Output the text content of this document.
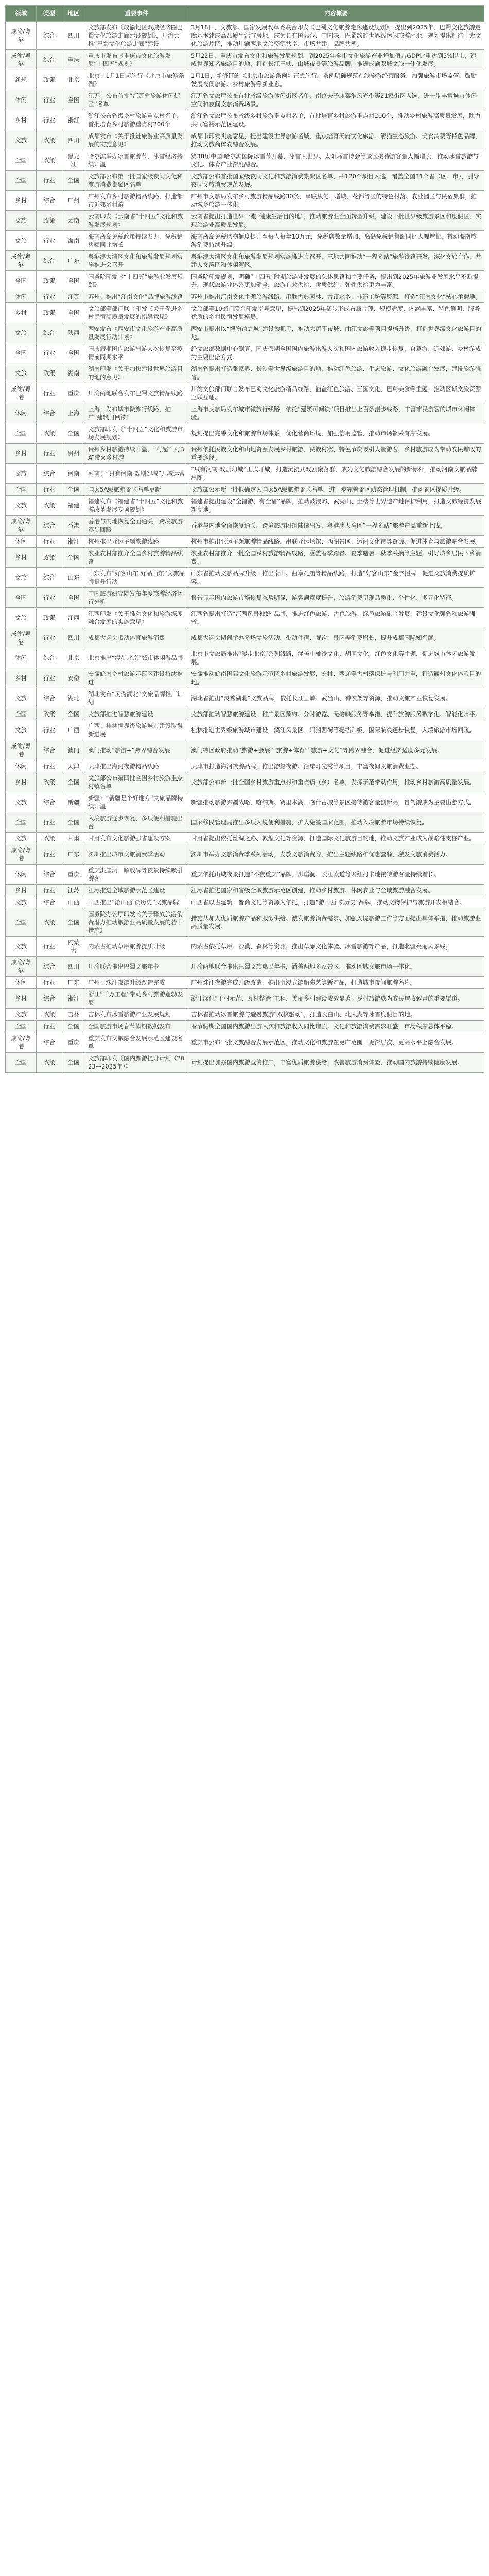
领域	类型	地区	重要事件	内容概要
成渝/粤港	综合	四川	文旅部发布《成渝地区双城经济圈巴蜀文化旅游走廊建设规划》，川渝共推“巴蜀文化旅游走廊”建设	3月18日，文旅部、国家发展改革委联合印发《巴蜀文化旅游走廊建设规划》，提出到2025年，巴蜀文化旅游走廊基本建成高品质生活宜居地，成为具有国际范、中国味、巴蜀韵的世界级休闲旅游胜地。规划提出打造十大文化旅游片区，推动川渝两地文旅资源共享、市场共建、品牌共塑。
成渝/粤港	综合	重庆	重庆市发布《重庆市文化旅游发展“十四五”规划》	5月22日，重庆市发布文化和旅游发展规划，到2025年全市文化旅游产业增加值占GDP比重达到5%以上，建成世界知名旅游目的地，打造长江三峡、山城夜景等旅游品牌，推进成渝双城文旅一体化发展。
新规	政策	北京	北京：1月1日起施行《北京市旅游条例》	1月1日，新修订的《北京市旅游条例》正式施行，条例明确规范在线旅游经营服务、加强旅游市场监管，鼓励发展夜间旅游、乡村旅游等新业态。
休闲	行业	全国	江苏：公布首批“江苏省旅游休闲街区”名单	江苏省文旅厅公布首批省级旅游休闲街区名单，南京夫子庙秦淮风光带等21家街区入选，进一步丰富城市休闲空间和夜间文旅消费场景。
乡村	行业	浙江	浙江公布省级乡村旅游重点村名单，首批培育乡村旅游重点村200个	浙江省文旅厅公布省级乡村旅游重点村名单，首批培育乡村旅游重点村200个，推动乡村旅游高质量发展，助力共同富裕示范区建设。
文旅	政策	四川	成都发布《关于推进旅游业高质量发展的实施意见》	成都市印发实施意见，提出建设世界旅游名城，重点培育天府文化旅游、熊猫生态旅游、美食消费等特色品牌，推动文旅商体农融合发展。
全国	政策	黑龙江	哈尔滨举办冰雪旅游节，冰雪经济持续升温	第38届中国·哈尔滨国际冰雪节开幕，冰雪大世界、太阳岛雪博会等景区接待游客量大幅增长，推动冰雪旅游与文化、体育产业深度融合。
全国	行业	全国	文旅部公布第一批国家级夜间文化和旅游消费集聚区名单	文旅部公布首批国家级夜间文化和旅游消费集聚区名单，共120个项目入选，覆盖全国31个省（区、市），引导夜间文旅消费规范发展。
乡村	综合	广州	广州发布乡村旅游精品线路，打造都市近郊乡村游	广州市文旅局发布乡村旅游精品线路30条，串联从化、增城、花都等区的特色村落、农业园区与民宿集群，推动城乡旅游一体化。
文旅	政策	云南	云南印发《云南省“十四五”文化和旅游发展规划》	云南省提出打造世界一流“健康生活目的地”，推动旅游业全面转型升级，建设一批世界级旅游景区和度假区，实现旅游业高质量发展。
文旅	行业	海南	海南离岛免税政策持续发力，免税销售额同比增长	海南离岛免税购物额度提升至每人每年10万元，免税店数量增加，离岛免税销售额同比大幅增长，带动海南旅游消费持续升温。
成渝/粤港	综合	广东	粤港澳大湾区文化和旅游发展规划实施推进会召开	粤港澳大湾区文化和旅游发展规划实施推进会召开，三地共同推动“一程多站”旅游线路开发，深化文旅合作，共建人文湾区和休闲湾区。
全国	政策	全国	国务院印发《“十四五”旅游业发展规划》	国务院印发规划，明确“十四五”时期旅游业发展的总体思路和主要任务，提出到2025年旅游业发展水平不断提升，现代旅游业体系更加健全，旅游有效供给、优质供给、弹性供给更为丰富。
休闲	行业	江苏	苏州：推出“江南文化”品牌旅游线路	苏州市推出江南文化主题旅游线路，串联古典园林、古镇水乡、非遗工坊等资源，打造“江南文化”核心承载地。
乡村	政策	全国	文旅部等部门联合印发《关于促进乡村民宿高质量发展的指导意见》	文旅部等10部门联合印发指导意见，提出到2025年初步形成布局合理、规模适度、内涵丰富、特色鲜明、服务优质的乡村民宿发展格局。
文旅	综合	陕西	西安发布《西安市文化旅游产业高质量发展行动计划》	西安市提出以“博物馆之城”建设为抓手，推动大唐不夜城、曲江文旅等项目提档升级，打造世界级文化旅游目的地。
全国	行业	全国	国庆假期国内旅游出游人次恢复至疫情前同期水平	经文旅部数据中心测算，国庆假期全国国内旅游出游人次和国内旅游收入稳步恢复，自驾游、近郊游、乡村游成为主要出游方式。
文旅	政策	湖南	湖南印发《关于加快建设世界旅游目的地的意见》	湖南省提出打造张家界、长沙等世界级旅游目的地，推动红色旅游、生态旅游、文化旅游融合发展，建设旅游强省。
成渝/粤港	行业	重庆	川渝两地联合发布巴蜀文旅精品线路	川渝文旅部门联合发布巴蜀文化旅游精品线路，涵盖红色旅游、三国文化、巴蜀美食等主题，推动区域文旅资源互联互通。
休闲	综合	上海	上海：发布城市微旅行线路，推广“建筑可阅读”	上海市文旅局发布城市微旅行线路，依托“建筑可阅读”项目推出上百条漫步线路，丰富市民游客的城市休闲体验。
全国	政策	全国	文旅部印发《“十四五”文化和旅游市场发展规划》	规划提出完善文化和旅游市场体系，优化营商环境，加强信用监管，推动市场繁荣有序发展。
乡村	行业	贵州	贵州乡村旅游持续升温，“村超”“村BA”带火乡村游	贵州依托民族文化和山地资源发展乡村旅游，民族村寨、特色节庆吸引大量游客，乡村旅游成为带动农民增收的重要途径。
文旅	综合	河南	河南：“只有河南·戏剧幻城”开城运营	“只有河南·戏剧幻城”正式开城，打造沉浸式戏剧聚落群，成为文化旅游融合发展的新标杆，推动河南文旅品牌出圈。
全国	行业	全国	国家5A级旅游景区名单更新	文旅部公示新一批拟确定为国家5A级旅游景区名单，进一步完善景区动态管理机制，推动景区提质升级。
文旅	政策	福建	福建发布《福建省“十四五”文化和旅游改革发展专项规划》	福建省提出建设“全福游、有全福”品牌，推动鼓浪屿、武夷山、土楼等世界遗产地保护利用，打造文旅经济发展新高地。
成渝/粤港	综合	香港	香港与内地恢复全面通关，跨境旅游逐步回暖	香港与内地全面恢复通关，跨境旅游团组陆续出发，粤港澳大湾区“一程多站”旅游产品重新上线。
休闲	行业	浙江	杭州推出亚运主题旅游线路	杭州市推出亚运主题旅游精品线路，串联亚运场馆、西湖景区、运河文化带等资源，促进体育与旅游融合发展。
乡村	政策	全国	农业农村部推介全国乡村旅游精品线路	农业农村部推介一批全国乡村旅游精品线路，涵盖春季踏青、夏季避暑、秋季采摘等主题，引导城乡居民下乡消费。
文旅	综合	山东	山东发布“好客山东 好品山东”文旅品牌提升行动	山东省推动文旅品牌升级，推出泰山、曲阜孔庙等精品线路，打造“好客山东”金字招牌，促进文旅消费提质扩容。
全国	行业	全国	中国旅游研究院发布年度旅游经济运行分析	报告显示国内旅游市场恢复态势明显，游客满意度提升，旅游消费呈现品质化、个性化、多元化特征。
文旅	政策	江西	江西印发《关于推动文化和旅游深度融合发展的实施意见》	江西省提出打造“江西风景独好”品牌，推进红色旅游、古色旅游、绿色旅游融合发展，建设文化强省和旅游强省。
成渝/粤港	行业	四川	成都大运会带动体育旅游消费	成都大运会期间举办多场文旅活动，带动住宿、餐饮、景区等消费增长，提升成都国际知名度。
休闲	综合	北京	北京推出“漫步北京”城市休闲游品牌	北京市文旅局推出“漫步北京”系列线路，涵盖中轴线文化、胡同文化、红色文化等主题，促进城市休闲旅游发展。
乡村	行业	安徽	安徽皖南乡村旅游示范区建设持续推进	安徽推动皖南国际文化旅游示范区乡村旅游发展，宏村、西递等古村落保护与利用并重，打造徽州文化体验目的地。
文旅	综合	湖北	湖北发布“灵秀湖北”文旅品牌推广计划	湖北省推出“灵秀湖北”文旅品牌，依托长江三峡、武当山、神农架等资源，推动文旅产业恢复发展。
全国	政策	全国	文旅部推进智慧旅游建设	文旅部推动智慧旅游建设，推广景区预约、分时游览、无接触服务等举措，提升旅游服务数字化、智能化水平。
文旅	行业	广西	广西：桂林世界级旅游城市建设取得新进展	桂林推进世界级旅游城市建设，漓江风景区、阳朔西街等提档升级，国际航线逐步恢复，入境旅游市场回暖。
成渝/粤港	综合	澳门	澳门推动“旅游+”跨界融合发展	澳门特区政府推动“旅游+会展”“旅游+体育”“旅游+文化”等跨界融合，促进经济适度多元发展。
休闲	行业	天津	天津推出海河夜游精品线路	天津市打造海河夜游品牌，推出游船夜游、沿岸灯光秀等项目，丰富夜间文旅消费业态。
乡村	政策	全国	文旅部公布第四批全国乡村旅游重点村镇名单	文旅部公布新一批全国乡村旅游重点村和重点镇（乡）名单，发挥示范带动作用，推动乡村旅游高质量发展。
文旅	综合	新疆	新疆：“新疆是个好地方”文旅品牌持续升温	新疆推动旅游兴疆战略，喀纳斯、赛里木湖、喀什古城等景区接待游客量创新高，自驾游成为主要出游方式。
全国	行业	全国	入境旅游逐步恢复，多项便利措施出台	国家移民管理局推出多项入境便利措施，扩大免签国家范围，推动入境旅游市场持续恢复。
文旅	政策	甘肃	甘肃发布文化旅游强省建设方案	甘肃省提出依托丝绸之路、敦煌文化等资源，打造国际文化旅游目的地，推动文旅产业成为战略性支柱产业。
成渝/粤港	行业	广东	深圳推出城市文旅消费季活动	深圳市举办文旅消费季系列活动，发放文旅消费券，推出主题线路和优惠套餐，激发文旅消费活力。
休闲	综合	重庆	重庆洪崖洞、解放碑等夜景持续吸引游客	重庆依托山城夜景打造“不夜重庆”品牌，洪崖洞、长江索道等网红打卡地接待游客量持续增长。
乡村	行业	江苏	江苏推进全域旅游示范区建设	江苏省推进国家和省级全域旅游示范区创建，推动乡村旅游、休闲农业与全域旅游融合发展。
文旅	综合	山西	山西推出“游山西 读历史”文旅品牌	山西省以古建筑、晋商文化等资源为依托，打造“游山西 读历史”品牌，推动文物保护与旅游开发相结合。
全国	政策	全国	国务院办公厅印发《关于释放旅游消费潜力推动旅游业高质量发展的若干措施》	措施从加大优质旅游产品和服务供给、激发旅游消费需求、加强入境旅游工作等方面提出具体举措，推动旅游业高质量发展。
文旅	行业	内蒙古	内蒙古推动草原旅游提质升级	内蒙古依托草原、沙漠、森林等资源，推出草原文化体验、冰雪旅游等产品，打造北疆亮丽风景线。
成渝/粤港	综合	四川	川渝联合推出巴蜀文旅年卡	川渝两地联合推出巴蜀文旅惠民年卡，涵盖两地多家景区，推动区域文旅市场一体化。
休闲	行业	广东	广州：珠江夜游升级改造完成	广州珠江夜游完成升级改造，推出沉浸式游船演艺等新产品，打造城市夜间旅游名片。
乡村	综合	浙江	浙江“千万工程”带动乡村旅游蓬勃发展	浙江深化“千村示范、万村整治”工程，美丽乡村建设成效显著，乡村旅游成为农民增收致富的重要渠道。
文旅	政策	吉林	吉林发布冰雪旅游产业发展规划	吉林省推动冰雪旅游与避暑旅游“双核驱动”，打造长白山、北大湖等冰雪度假目的地。
全国	行业	全国	全国旅游市场春节假期数据发布	春节假期全国国内旅游出游人次和旅游收入同比增长，文化和旅游消费需求旺盛，市场秩序总体平稳。
成渝/粤港	综合	重庆	重庆发布文旅融合发展示范区建设名单	重庆市公布一批文旅融合发展示范区，推动文化和旅游在更广范围、更深层次、更高水平上融合发展。
全国	政策	全国	文旅部印发《国内旅游提升计划（2023—2025年）》	计划提出加强国内旅游宣传推广，丰富优质旅游供给，改善旅游消费体验，推动国内旅游持续健康发展。
